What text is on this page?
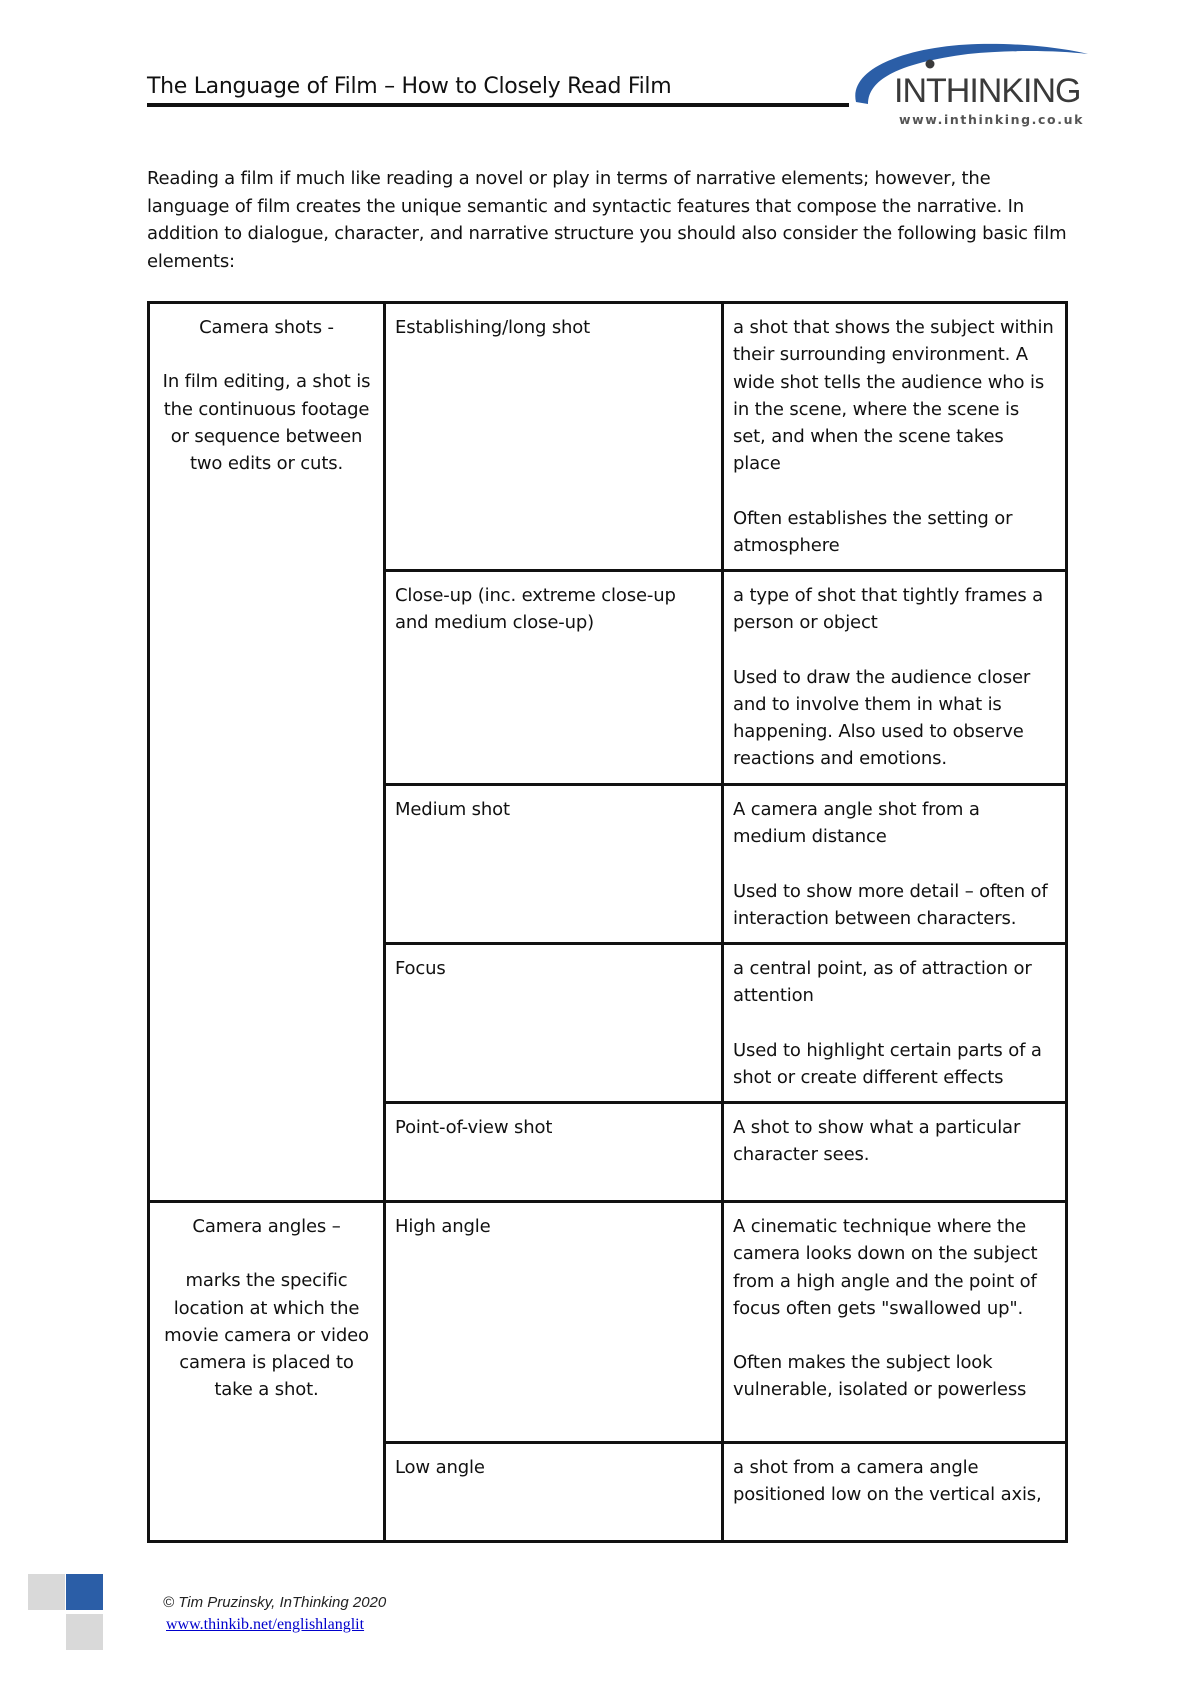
The Language of Film – How to Closely Read Film	INTHINKING
www.inthinking.co.uk

Reading a film if much like reading a novel or play in terms of narrative elements; however, the language of film creates the unique semantic and syntactic features that compose the narrative. In addition to dialogue, character, and narrative structure you should also consider the following basic film elements:

Camera shots -
In film editing, a shot is the continuous footage or sequence between two edits or cuts.	Establishing/long shot	a shot that shows the subject within their surrounding environment. A wide shot tells the audience who is in the scene, where the scene is set, and when the scene takes place
Often establishes the setting or atmosphere

	Close-up (inc. extreme close-up and medium close-up)	a type of shot that tightly frames a person or object
Used to draw the audience closer and to involve them in what is happening. Also used to observe reactions and emotions.

	Medium shot	A camera angle shot from a medium distance
Used to show more detail – often of interaction between characters.

	Focus	a central point, as of attraction or attention
Used to highlight certain parts of a shot or create different effects

	Point-of-view shot	A shot to show what a particular character sees.

Camera angles –
marks the specific location at which the movie camera or video camera is placed to take a shot.	High angle	A cinematic technique where the camera looks down on the subject from a high angle and the point of focus often gets "swallowed up".
Often makes the subject look vulnerable, isolated or powerless

	Low angle	a shot from a camera angle positioned low on the vertical axis,
© Tim Pruzinsky, InThinking 2020
www.thinkib.net/englishlanglit
